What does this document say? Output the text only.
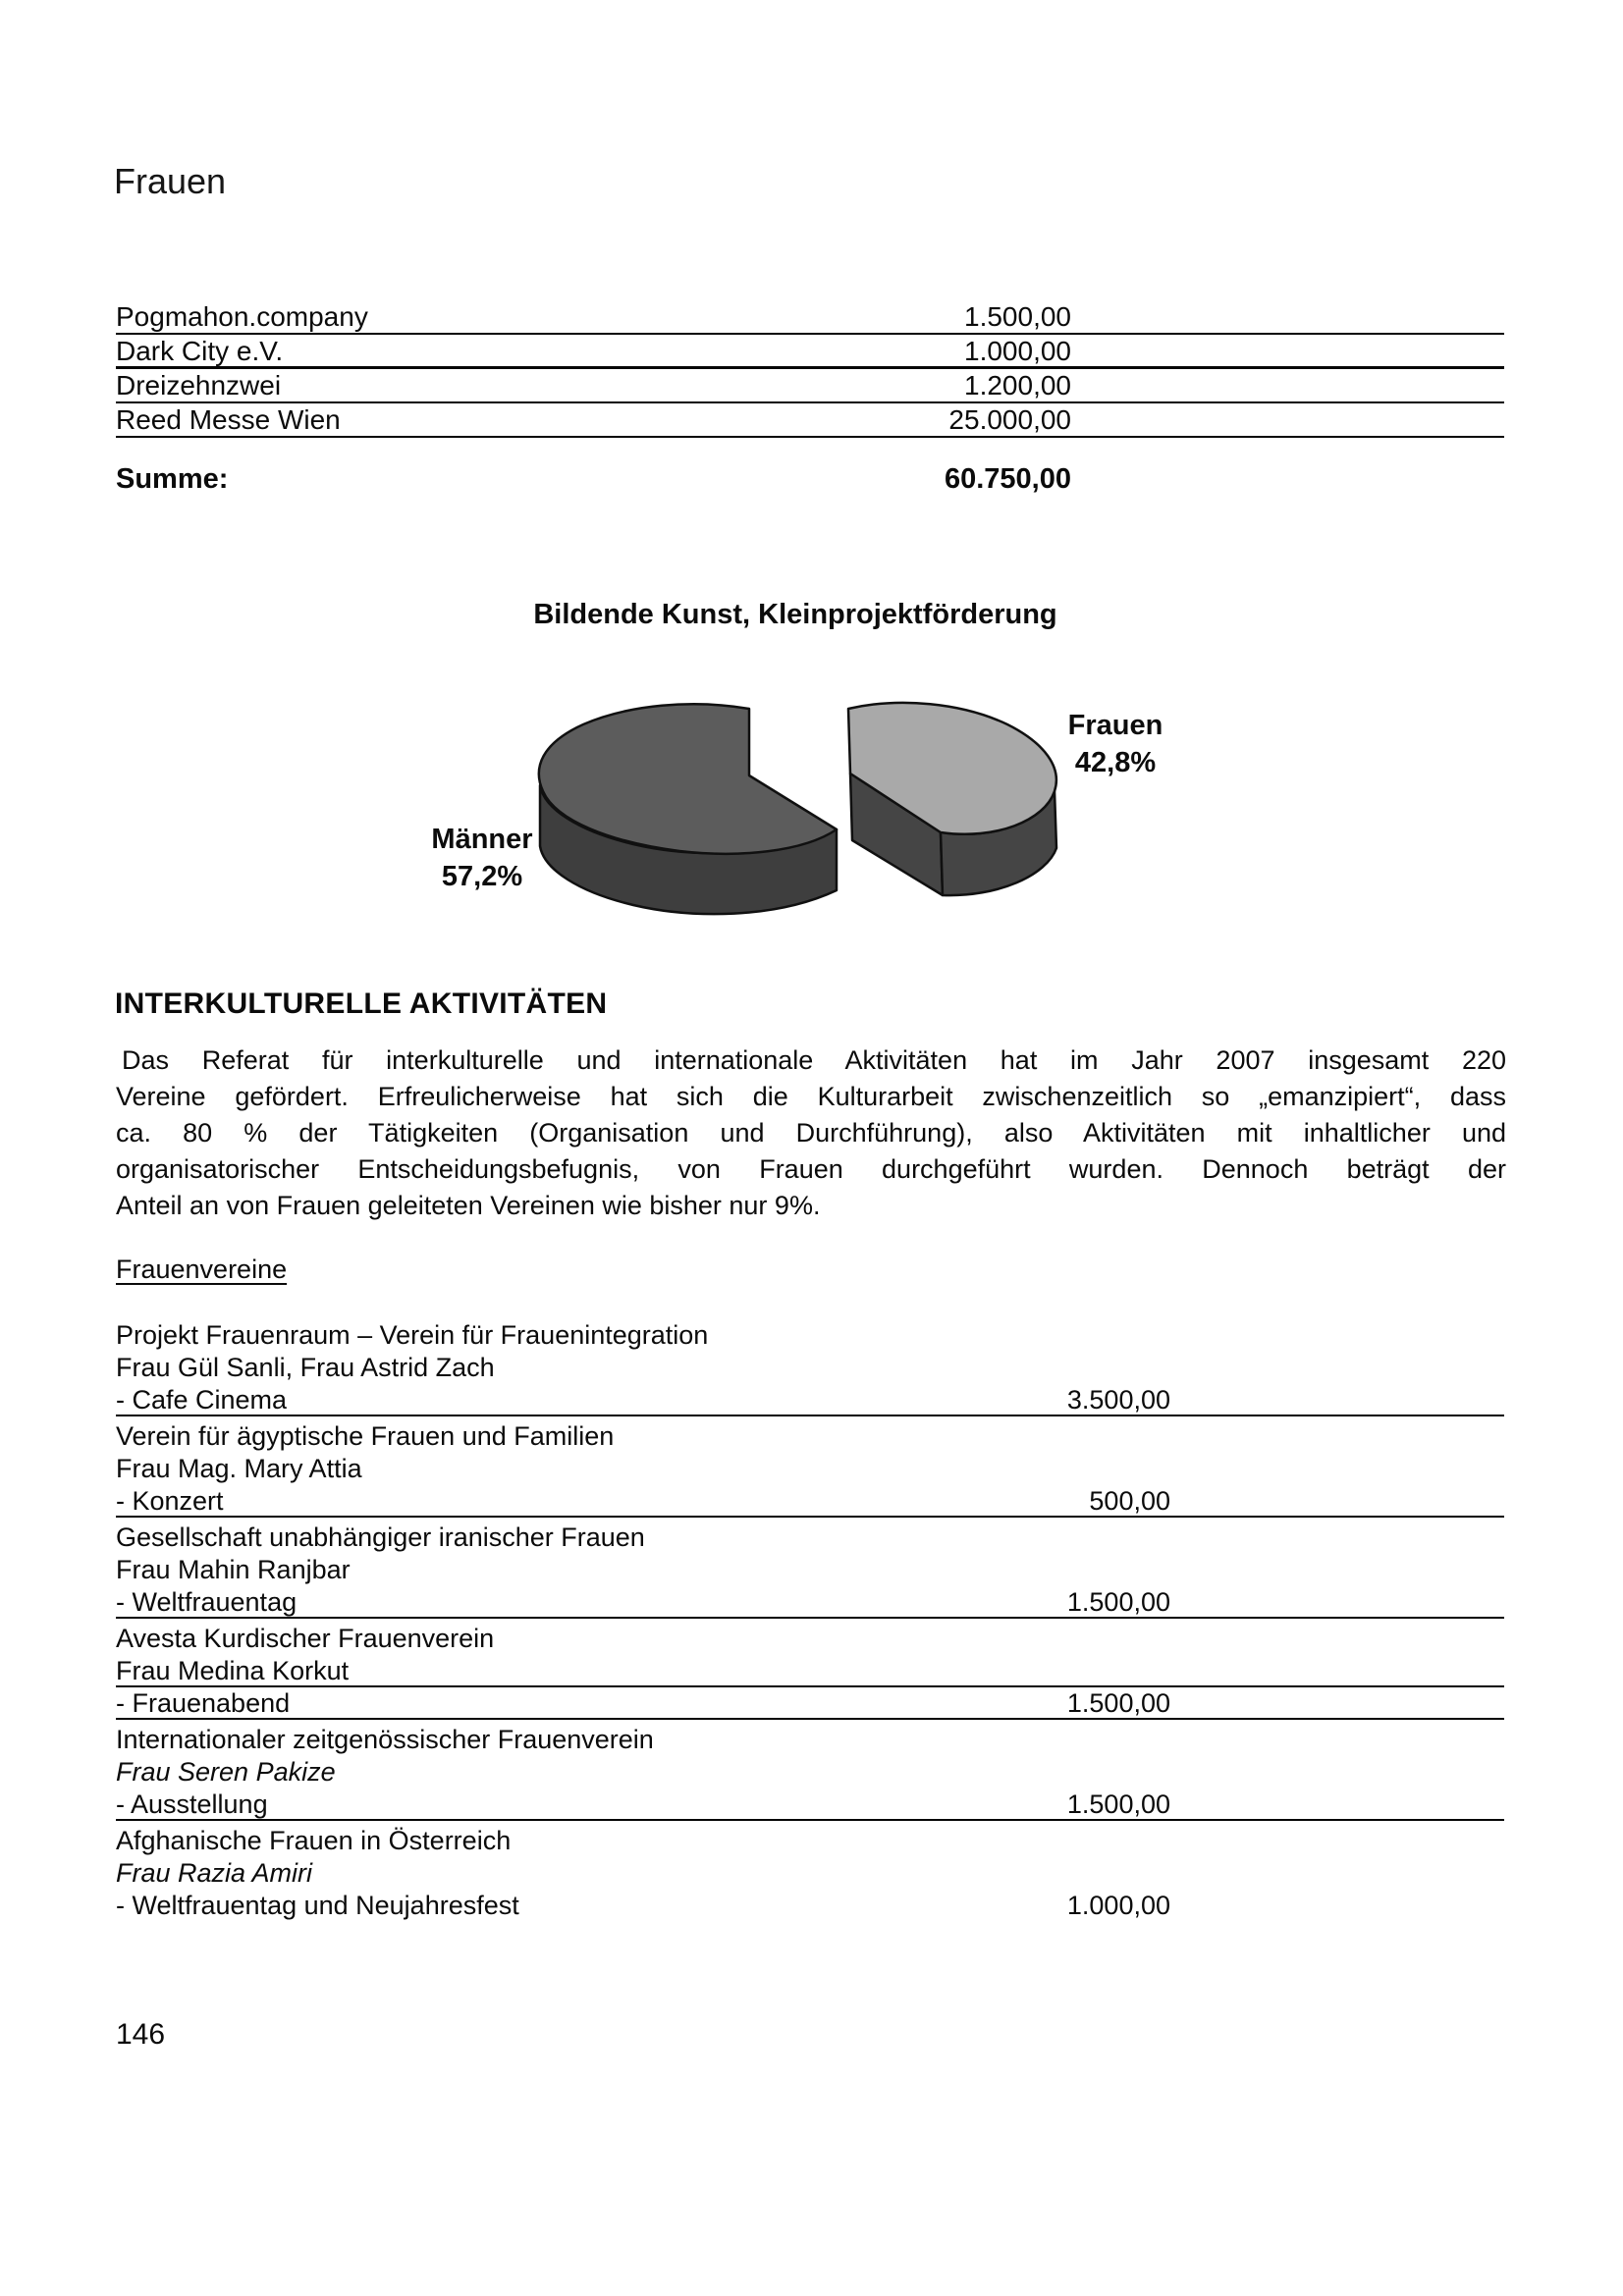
Frauen
Pogmahon.company	1.500,00
Dark City e.V.	1.000,00
Dreizehnzwei	1.200,00
Reed Messe Wien	25.000,00
Summe:	60.750,00
Bildende Kunst, Kleinprojektförderung
Männer
57,2%
Frauen
42,8%
INTERKULTURELLE AKTIVITÄTEN
Das Referat für interkulturelle und internationale Aktivitäten hat im Jahr 2007 insgesamt 220
Vereine gefördert. Erfreulicherweise hat sich die Kulturarbeit zwischenzeitlich so „emanzipiert“, dass
ca. 80 % der Tätigkeiten (Organisation und Durchführung), also Aktivitäten mit inhaltlicher und
organisatorischer Entscheidungsbefugnis, von Frauen durchgeführt wurden. Dennoch beträgt der
Anteil an von Frauen geleiteten Vereinen wie bisher nur 9%.
Frauenvereine
Projekt Frauenraum – Verein für Frauenintegration
Frau Gül Sanli, Frau Astrid Zach
- Cafe Cinema	3.500,00
Verein für ägyptische Frauen und Familien
Frau Mag. Mary Attia
- Konzert	500,00
Gesellschaft unabhängiger iranischer Frauen
Frau Mahin Ranjbar
- Weltfrauentag	1.500,00
Avesta Kurdischer Frauenverein
Frau Medina Korkut
- Frauenabend	1.500,00
Internationaler zeitgenössischer Frauenverein
Frau Seren Pakize
- Ausstellung	1.500,00
Afghanische Frauen in Österreich
Frau Razia Amiri
- Weltfrauentag und Neujahresfest	1.000,00
146
